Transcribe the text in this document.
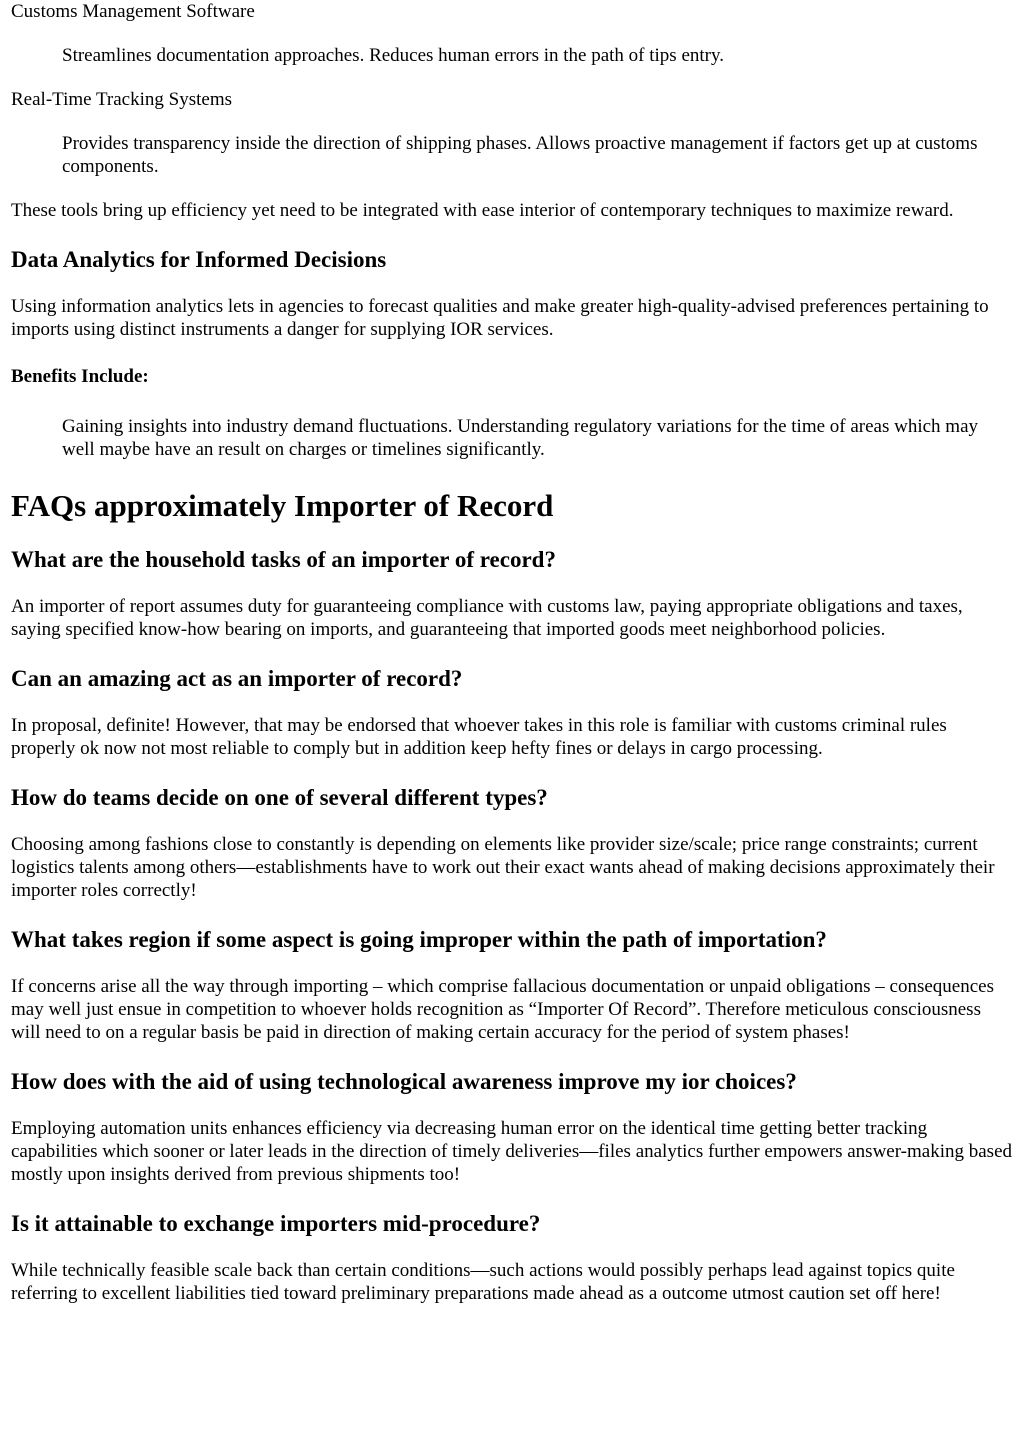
Customs Management Software
Streamlines documentation approaches. Reduces human errors in the path of tips entry.
Real-Time Tracking Systems
Provides transparency inside the direction of shipping phases. Allows proactive management if factors get up at customs components.

These tools bring up efficiency yet need to be integrated with ease interior of contemporary techniques to maximize reward.

Data Analytics for Informed Decisions

Using information analytics lets in agencies to forecast qualities and make greater high-quality-advised preferences pertaining to imports using distinct instruments a danger for supplying IOR services.

Benefits Include:
Gaining insights into industry demand fluctuations. Understanding regulatory variations for the time of areas which may well maybe have an result on charges or timelines significantly.
FAQs approximately Importer of Record
What are the household tasks of an importer of record?

An importer of report assumes duty for guaranteeing compliance with customs law, paying appropriate obligations and taxes, saying specified know-how bearing on imports, and guaranteeing that imported goods meet neighborhood policies.

Can an amazing act as an importer of record?

In proposal, definite! However, that may be endorsed that whoever takes in this role is familiar with customs criminal rules properly ok now not most reliable to comply but in addition keep hefty fines or delays in cargo processing.

How do teams decide on one of several different types?

Choosing among fashions close to constantly is depending on elements like provider size/scale; price range constraints; current logistics talents among others—establishments have to work out their exact wants ahead of making decisions approximately their importer roles correctly!

What takes region if some aspect is going improper within the path of importation?

If concerns arise all the way through importing – which comprise fallacious documentation or unpaid obligations – consequences may well just ensue in competition to whoever holds recognition as “Importer Of Record”. Therefore meticulous consciousness will need to on a regular basis be paid in direction of making certain accuracy for the period of system phases!

How does with the aid of using technological awareness improve my ior choices?

Employing automation units enhances efficiency via decreasing human error on the identical time getting better tracking capabilities which sooner or later leads in the direction of timely deliveries—files analytics further empowers answer-making based mostly upon insights derived from previous shipments too!

Is it attainable to exchange importers mid-procedure?

While technically feasible scale back than certain conditions—such actions would possibly perhaps lead against topics quite referring to excellent liabilities tied toward preliminary preparations made ahead as a outcome utmost caution set off here!
